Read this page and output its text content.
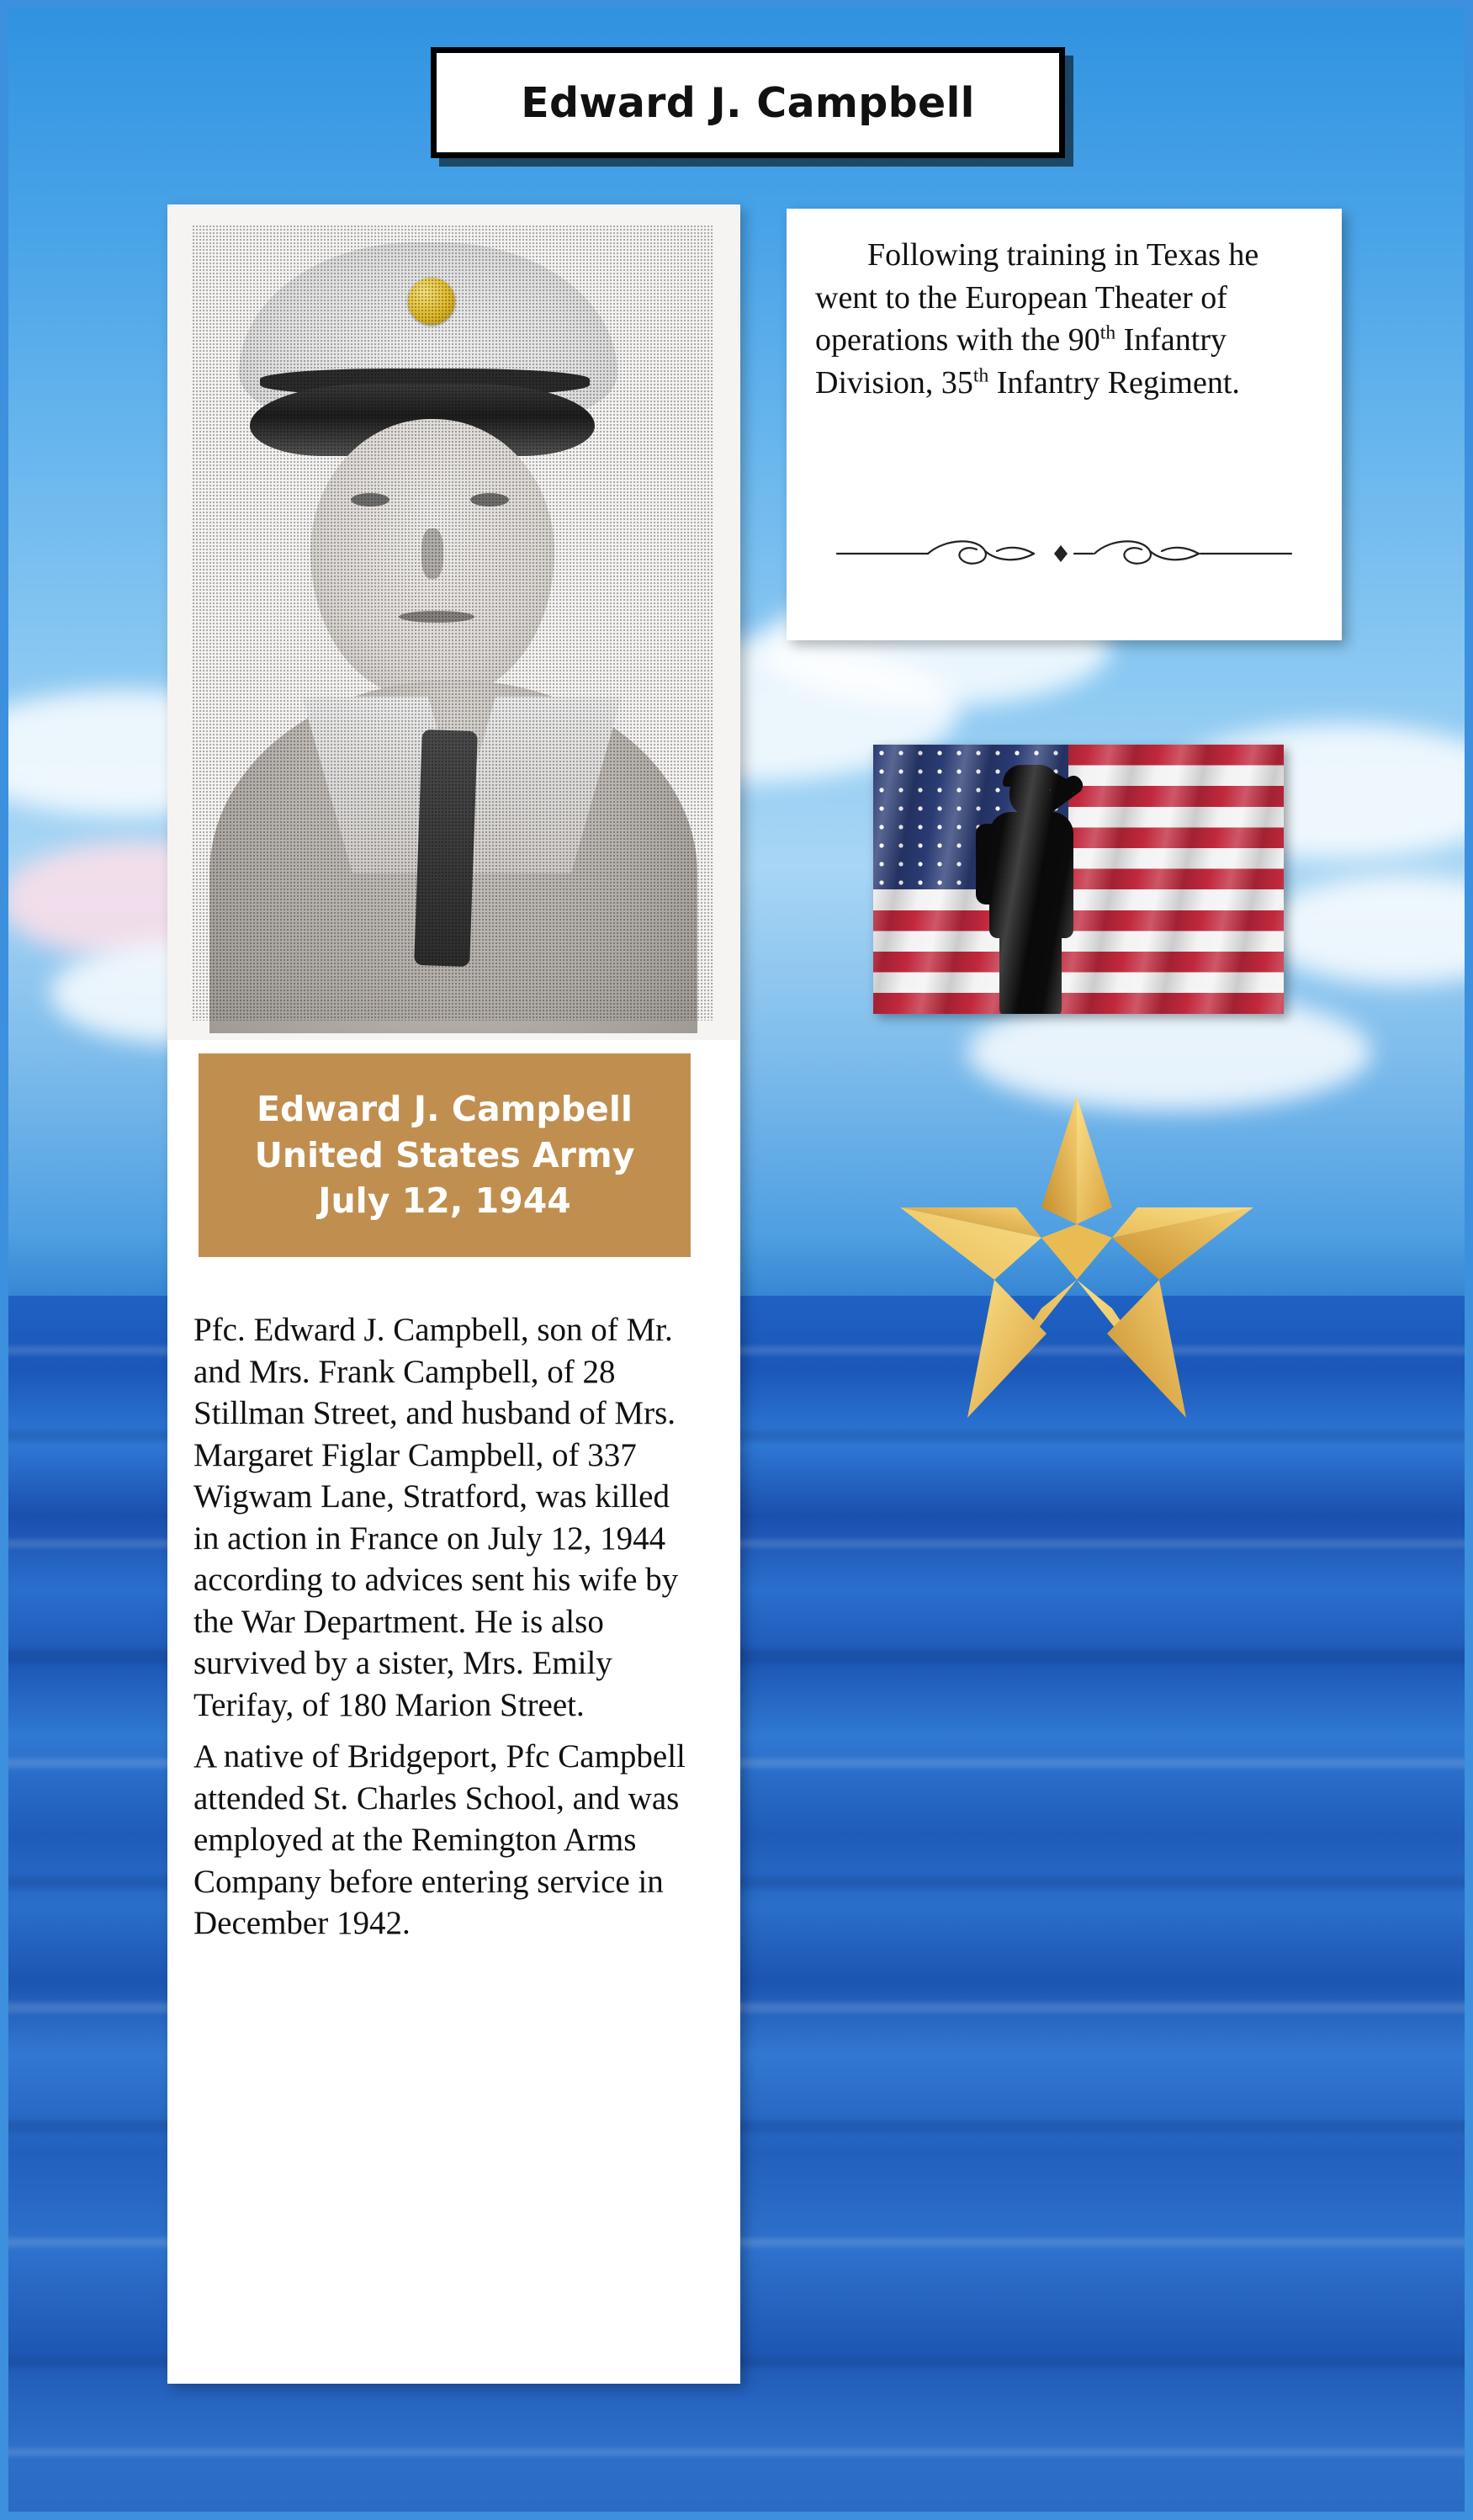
Edward J. Campbell
Edward J. Campbell
United States Army
July 12, 1944

Pfc. Edward J. Campbell, son of Mr. and Mrs. Frank Campbell, of 28 Stillman Street, and husband of Mrs. Margaret Figlar Campbell, of 337 Wigwam Lane, Stratford, was killed in action in France on July 12, 1944 according to advices sent his wife by the War Department. He is also survived by a sister, Mrs. Emily Terifay, of 180 Marion Street.

A native of Bridgeport, Pfc Campbell attended St. Charles School, and was employed at the Remington Arms Company before entering service in December 1942.

Following training in Texas he went to the European Theater of operations with the 90th Infantry Division, 35th Infantry Regiment.
